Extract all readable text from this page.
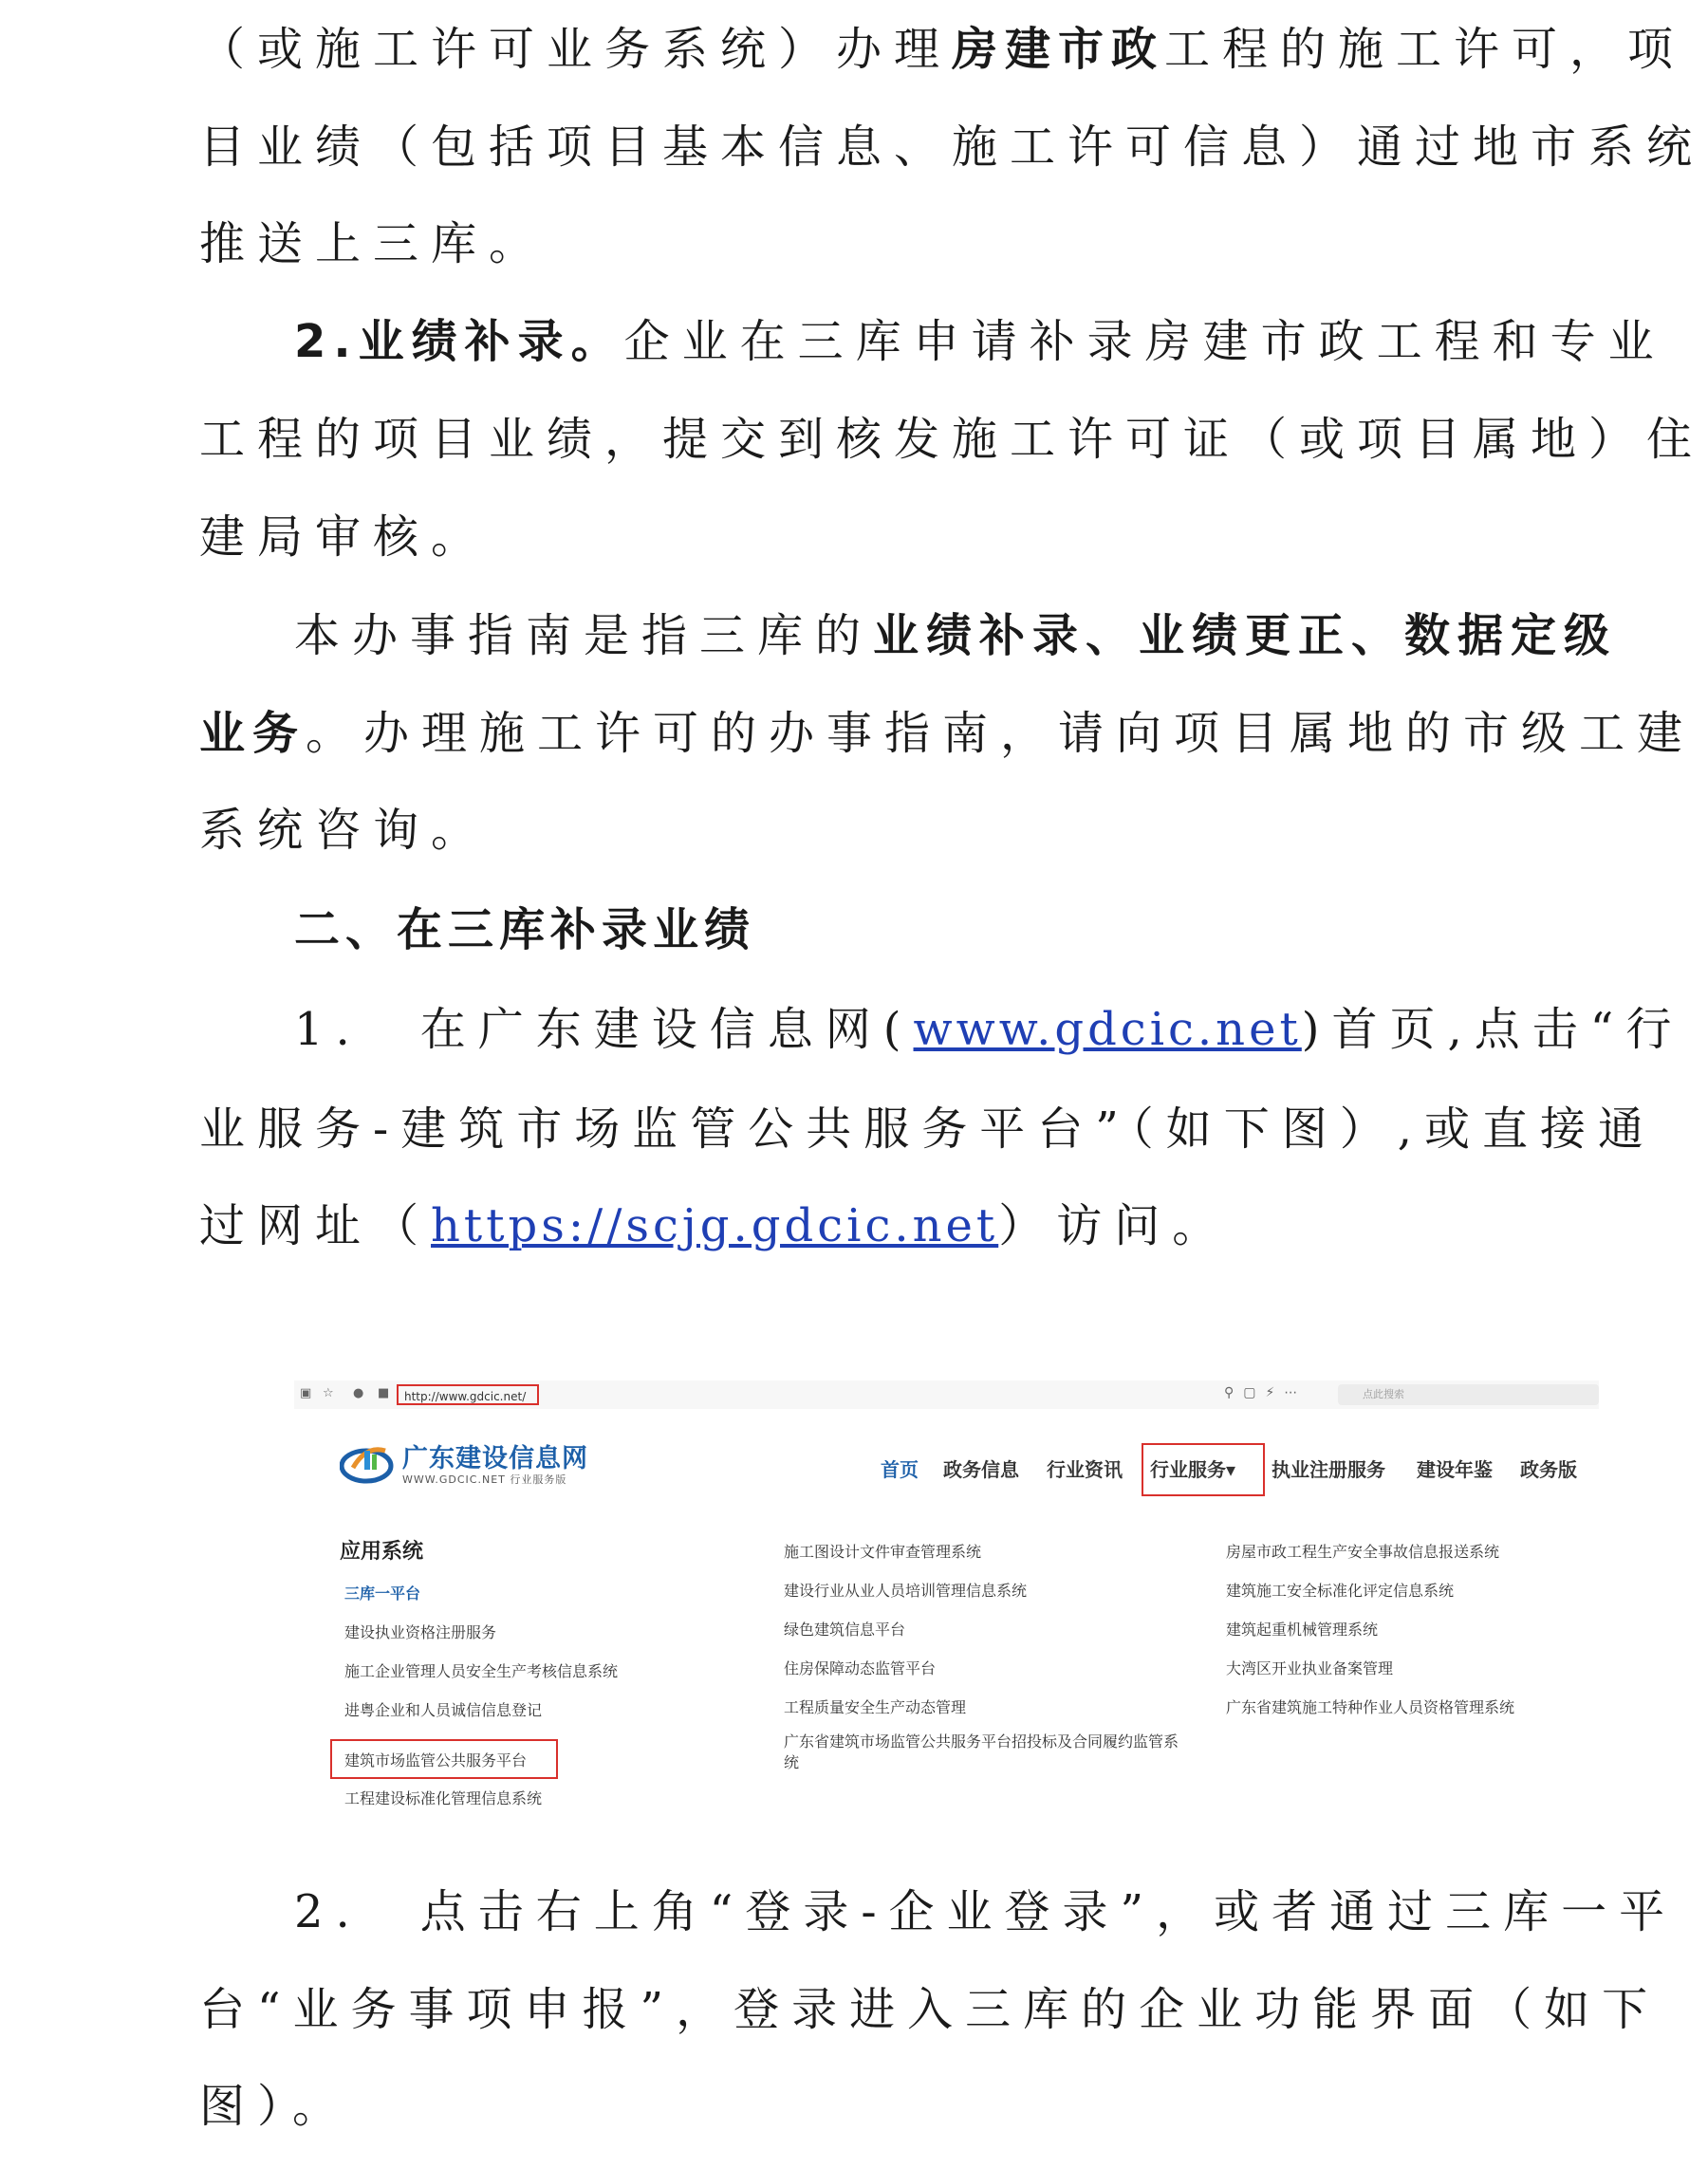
（或施工许可业务系统）办理房建市政工程的施工许可，项
目业绩（包括项目基本信息、施工许可信息）通过地市系统
推送上三库。
2.业绩补录。企业在三库申请补录房建市政工程和专业
工程的项目业绩，提交到核发施工许可证（或项目属地）住
建局审核。
本办事指南是指三库的业绩补录、业绩更正、数据定级
业务。办理施工许可的办事指南，请向项目属地的市级工建
系统咨询。
二、在三库补录业绩
1.　在广东建设信息网(www.gdcic.net)首页,点击“行
业服务-建筑市场监管公共服务平台”（如下图）,或直接通
过网址（https://scjg.gdcic.net）访问。
2.　点击右上角“登录-企业登录”，或者通过三库一平
台“业务事项申报”，登录进入三库的企业功能界面（如下
图）。
▣ ☆ ● ■	http://www.gdcic.net/	⚲▢⚡⋯	点此搜索
广东建设信息网
WWW.GDCIC.NET 行业服务版	首页 政务信息 行业资讯 行业服务▾ 执业注册服务 建设年鉴 政务版
应用系统
三库一平台
建设执业资格注册服务
施工企业管理人员安全生产考核信息系统
进粤企业和人员诚信信息登记
建筑市场监管公共服务平台
工程建设标准化管理信息系统
施工图设计文件审查管理系统
建设行业从业人员培训管理信息系统
绿色建筑信息平台
住房保障动态监管平台
工程质量安全生产动态管理
广东省建筑市场监管公共服务平台招投标及合同履约监管系统
房屋市政工程生产安全事故信息报送系统
建筑施工安全标准化评定信息系统
建筑起重机械管理系统
大湾区开业执业备案管理
广东省建筑施工特种作业人员资格管理系统
